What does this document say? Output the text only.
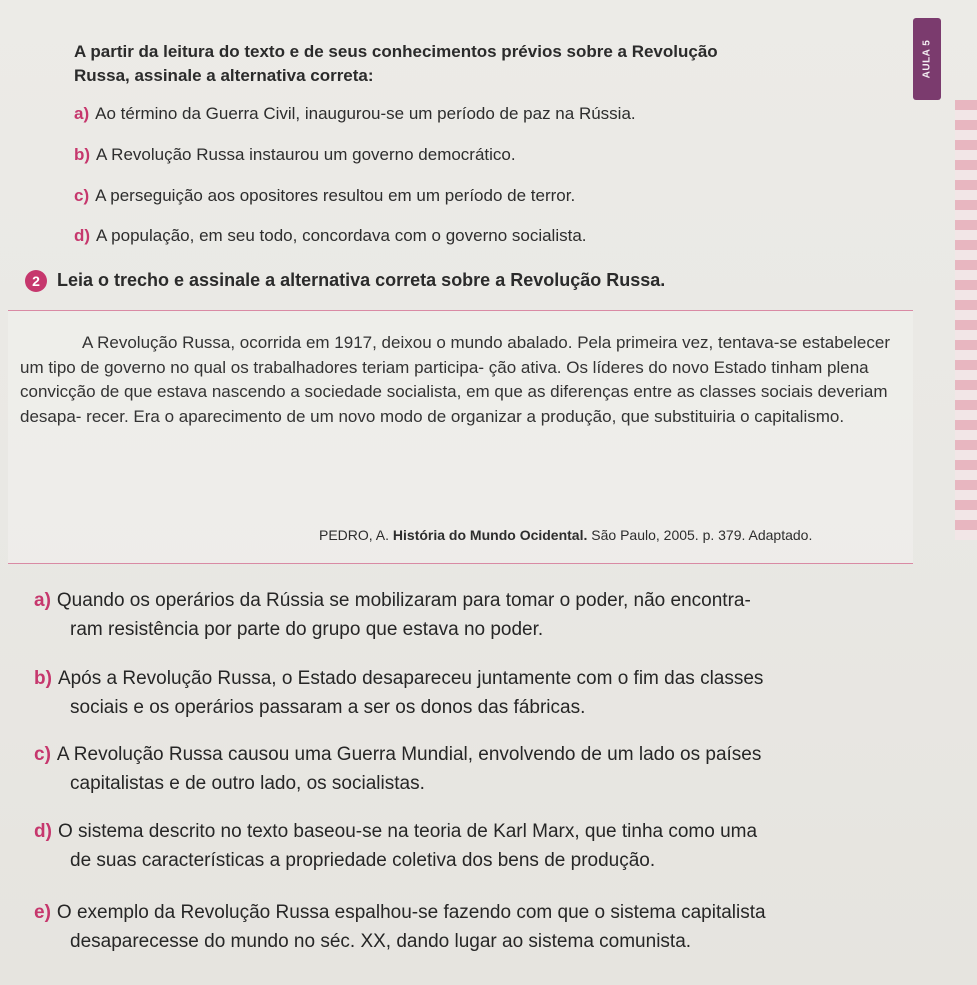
AULA 5
A partir da leitura do texto e de seus conhecimentos prévios sobre a Revolução
Russa, assinale a alternativa correta:
a) Ao término da Guerra Civil, inaugurou-se um período de paz na Rússia.
b) A Revolução Russa instaurou um governo democrático.
c) A perseguição aos opositores resultou em um período de terror.
d) A população, em seu todo, concordava com o governo socialista.
2 Leia o trecho e assinale a alternativa correta sobre a Revolução Russa.
A Revolução Russa, ocorrida em 1917, deixou o mundo abalado. Pela primeira vez, tentava-se estabelecer um tipo de governo no qual os trabalhadores teriam participa- ção ativa. Os líderes do novo Estado tinham plena convicção de que estava nascendo a sociedade socialista, em que as diferenças entre as classes sociais deveriam desapa- recer. Era o aparecimento de um novo modo de organizar a produção, que substituiria o capitalismo.
PEDRO, A. História do Mundo Ocidental. São Paulo, 2005. p. 379. Adaptado.
a) Quando os operários da Rússia se mobilizaram para tomar o poder, não encontra-
ram resistência por parte do grupo que estava no poder.
b) Após a Revolução Russa, o Estado desapareceu juntamente com o fim das classes
sociais e os operários passaram a ser os donos das fábricas.
c) A Revolução Russa causou uma Guerra Mundial, envolvendo de um lado os países
capitalistas e de outro lado, os socialistas.
d) O sistema descrito no texto baseou-se na teoria de Karl Marx, que tinha como uma
de suas características a propriedade coletiva dos bens de produção.
e) O exemplo da Revolução Russa espalhou-se fazendo com que o sistema capitalista
desaparecesse do mundo no séc. XX, dando lugar ao sistema comunista.
